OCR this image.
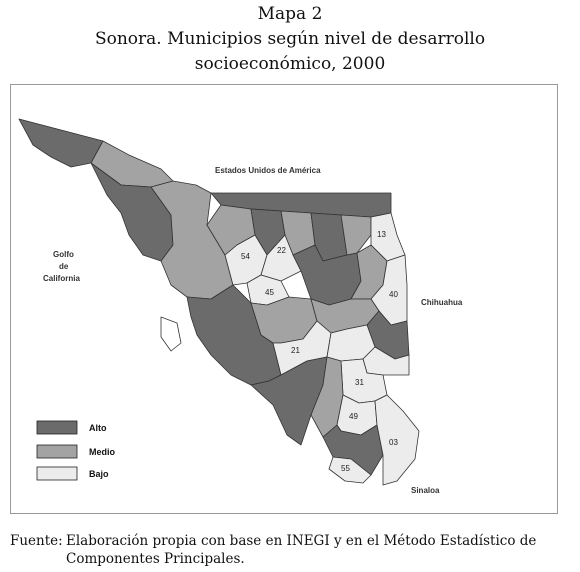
Mapa 2
Sonora. Municipios según nivel de desarrollo
socioeconómico, 2000
Estados Unidos de América
Golfo
de
California
Chihuahua
Sinaloa
13
54
22
45
21
40
31
49
03
55
Alto
Medio
Bajo
Fuente: Elaboración propia con base en INEGI y en el Método Estadístico de
Componentes Principales.
